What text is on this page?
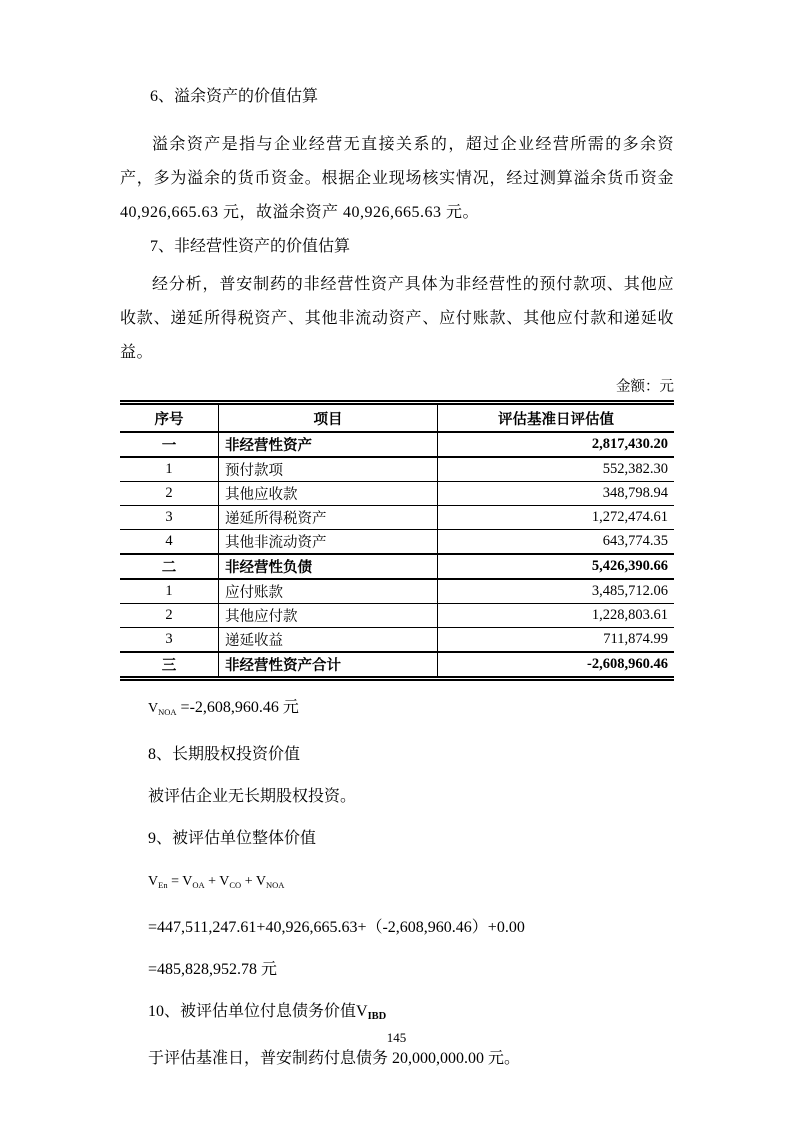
6、溢余资产的价值估算

溢余资产是指与企业经营无直接关系的，超过企业经营所需的多余资产，多为溢余的货币资金。根据企业现场核实情况，经过测算溢余货币资金 40,926,665.63 元，故溢余资产 40,926,665.63 元。

7、非经营性资产的价值估算

经分析，普安制药的非经营性资产具体为非经营性的预付款项、其他应收款、递延所得税资产、其他非流动资产、应付账款、其他应付款和递延收益。

金额：元
序号	项目	评估基准日评估值
一	非经营性资产	2,817,430.20
1	预付款项	552,382.30
2	其他应收款	348,798.94
3	递延所得税资产	1,272,474.61
4	其他非流动资产	643,774.35
二	非经营性负债	5,426,390.66
1	应付账款	3,485,712.06
2	其他应付款	1,228,803.61
3	递延收益	711,874.99
三	非经营性资产合计	-2,608,960.46

$V_{NOA} =-2,608,960.46$ 元

8、长期股权投资价值

被评估企业无长期股权投资。

9、被评估单位整体价值

$V_{En} = V_{OA} + V_{CO} + V_{NOA}$

=447,511,247.61+40,926,665.63+（-2,608,960.46）+0.00

=485,828,952.78 元

10、被评估单位付息债务价值$V_{IBD}$

于评估基准日，普安制药付息债务 20,000,000.00 元。

145
